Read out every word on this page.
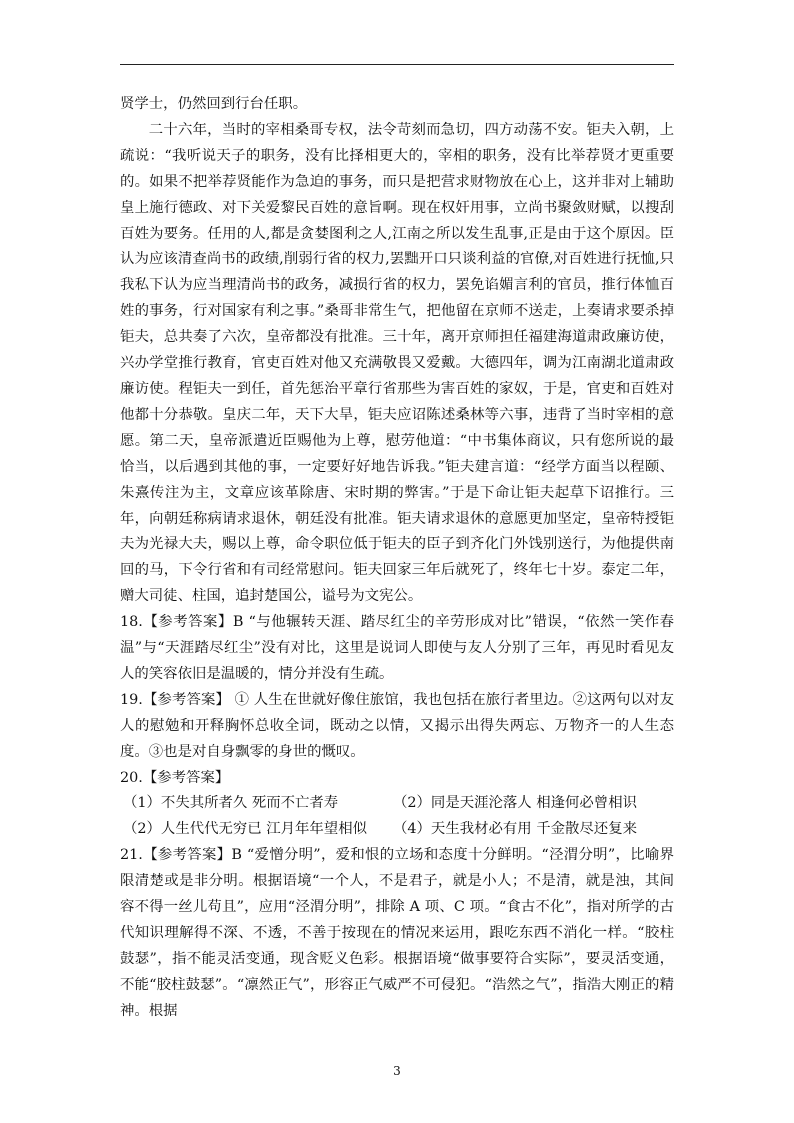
贤学士，仍然回到行台任职。

二十六年，当时的宰相桑哥专权，法令苛刻而急切，四方动荡不安。钜夫入朝，上疏说：“我听说天子的职务，没有比择相更大的，宰相的职务，没有比举荐贤才更重要的。如果不把举荐贤能作为急迫的事务，而只是把营求财物放在心上，这并非对上辅助皇上施行德政、对下关爱黎民百姓的意旨啊。现在权奸用事，立尚书聚敛财赋，以搜刮百姓为要务。任用的人,都是贪婪图利之人,江南之所以发生乱事,正是由于这个原因。臣认为应该清查尚书的政绩,削弱行省的权力,罢黜开口只谈利益的官僚,对百姓进行抚恤,只我私下认为应当理清尚书的政务，减损行省的权力，罢免谄媚言利的官员，推行体恤百姓的事务，行对国家有利之事。”桑哥非常生气，把他留在京师不送走，上奏请求要杀掉钜夫，总共奏了六次，皇帝都没有批准。三十年，离开京师担任福建海道肃政廉访使，兴办学堂推行教育，官吏百姓对他又充满敬畏又爱戴。大德四年，调为江南湖北道肃政廉访使。程钜夫一到任，首先惩治平章行省那些为害百姓的家奴，于是，官吏和百姓对他都十分恭敬。皇庆二年，天下大旱，钜夫应诏陈述桑林等六事，违背了当时宰相的意愿。第二天，皇帝派遣近臣赐他为上尊，慰劳他道：“中书集体商议，只有您所说的最恰当，以后遇到其他的事，一定要好好地告诉我。”钜夫建言道：“经学方面当以程颐、朱熹传注为主，文章应该革除唐、宋时期的弊害。”于是下命让钜夫起草下诏推行。三年，向朝廷称病请求退休，朝廷没有批准。钜夫请求退休的意愿更加坚定，皇帝特授钜夫为光禄大夫，赐以上尊，命令职位低于钜夫的臣子到齐化门外饯别送行，为他提供南回的马，下令行省和有司经常慰问。钜夫回家三年后就死了，终年七十岁。泰定二年，赠大司徒、柱国，追封楚国公，谥号为文宪公。

18.【参考答案】B “与他辗转天涯、踏尽红尘的辛劳形成对比”错误，“依然一笑作春温”与“天涯踏尽红尘”没有对比，这里是说词人即使与友人分别了三年，再见时看见友人的笑容依旧是温暖的，情分并没有生疏。

19.【参考答案】 ① 人生在世就好像住旅馆，我也包括在旅行者里边。②这两句以对友人的慰勉和开释胸怀总收全词，既动之以情，又揭示出得失两忘、万物齐一的人生态度。③也是对自身飘零的身世的慨叹。

20.【参考答案】

（1）不失其所者久 死而不亡者寿	（2）同是天涯沦落人 相逢何必曾相识
（2）人生代代无穷已 江月年年望相似	（4）天生我材必有用 千金散尽还复来

21.【参考答案】B “爱憎分明”，爱和恨的立场和态度十分鲜明。“泾渭分明”，比喻界限清楚或是非分明。根据语境“一个人，不是君子，就是小人；不是清，就是浊，其间容不得一丝儿苟且”，应用“泾渭分明”，排除 A 项、C 项。“食古不化”，指对所学的古代知识理解得不深、不透，不善于按现在的情况来运用，跟吃东西不消化一样。“胶柱鼓瑟”，指不能灵活变通，现含贬义色彩。根据语境“做事要符合实际”，要灵活变通，不能“胶柱鼓瑟”。“凛然正气”，形容正气威严不可侵犯。“浩然之气”，指浩大刚正的精神。根据

3
